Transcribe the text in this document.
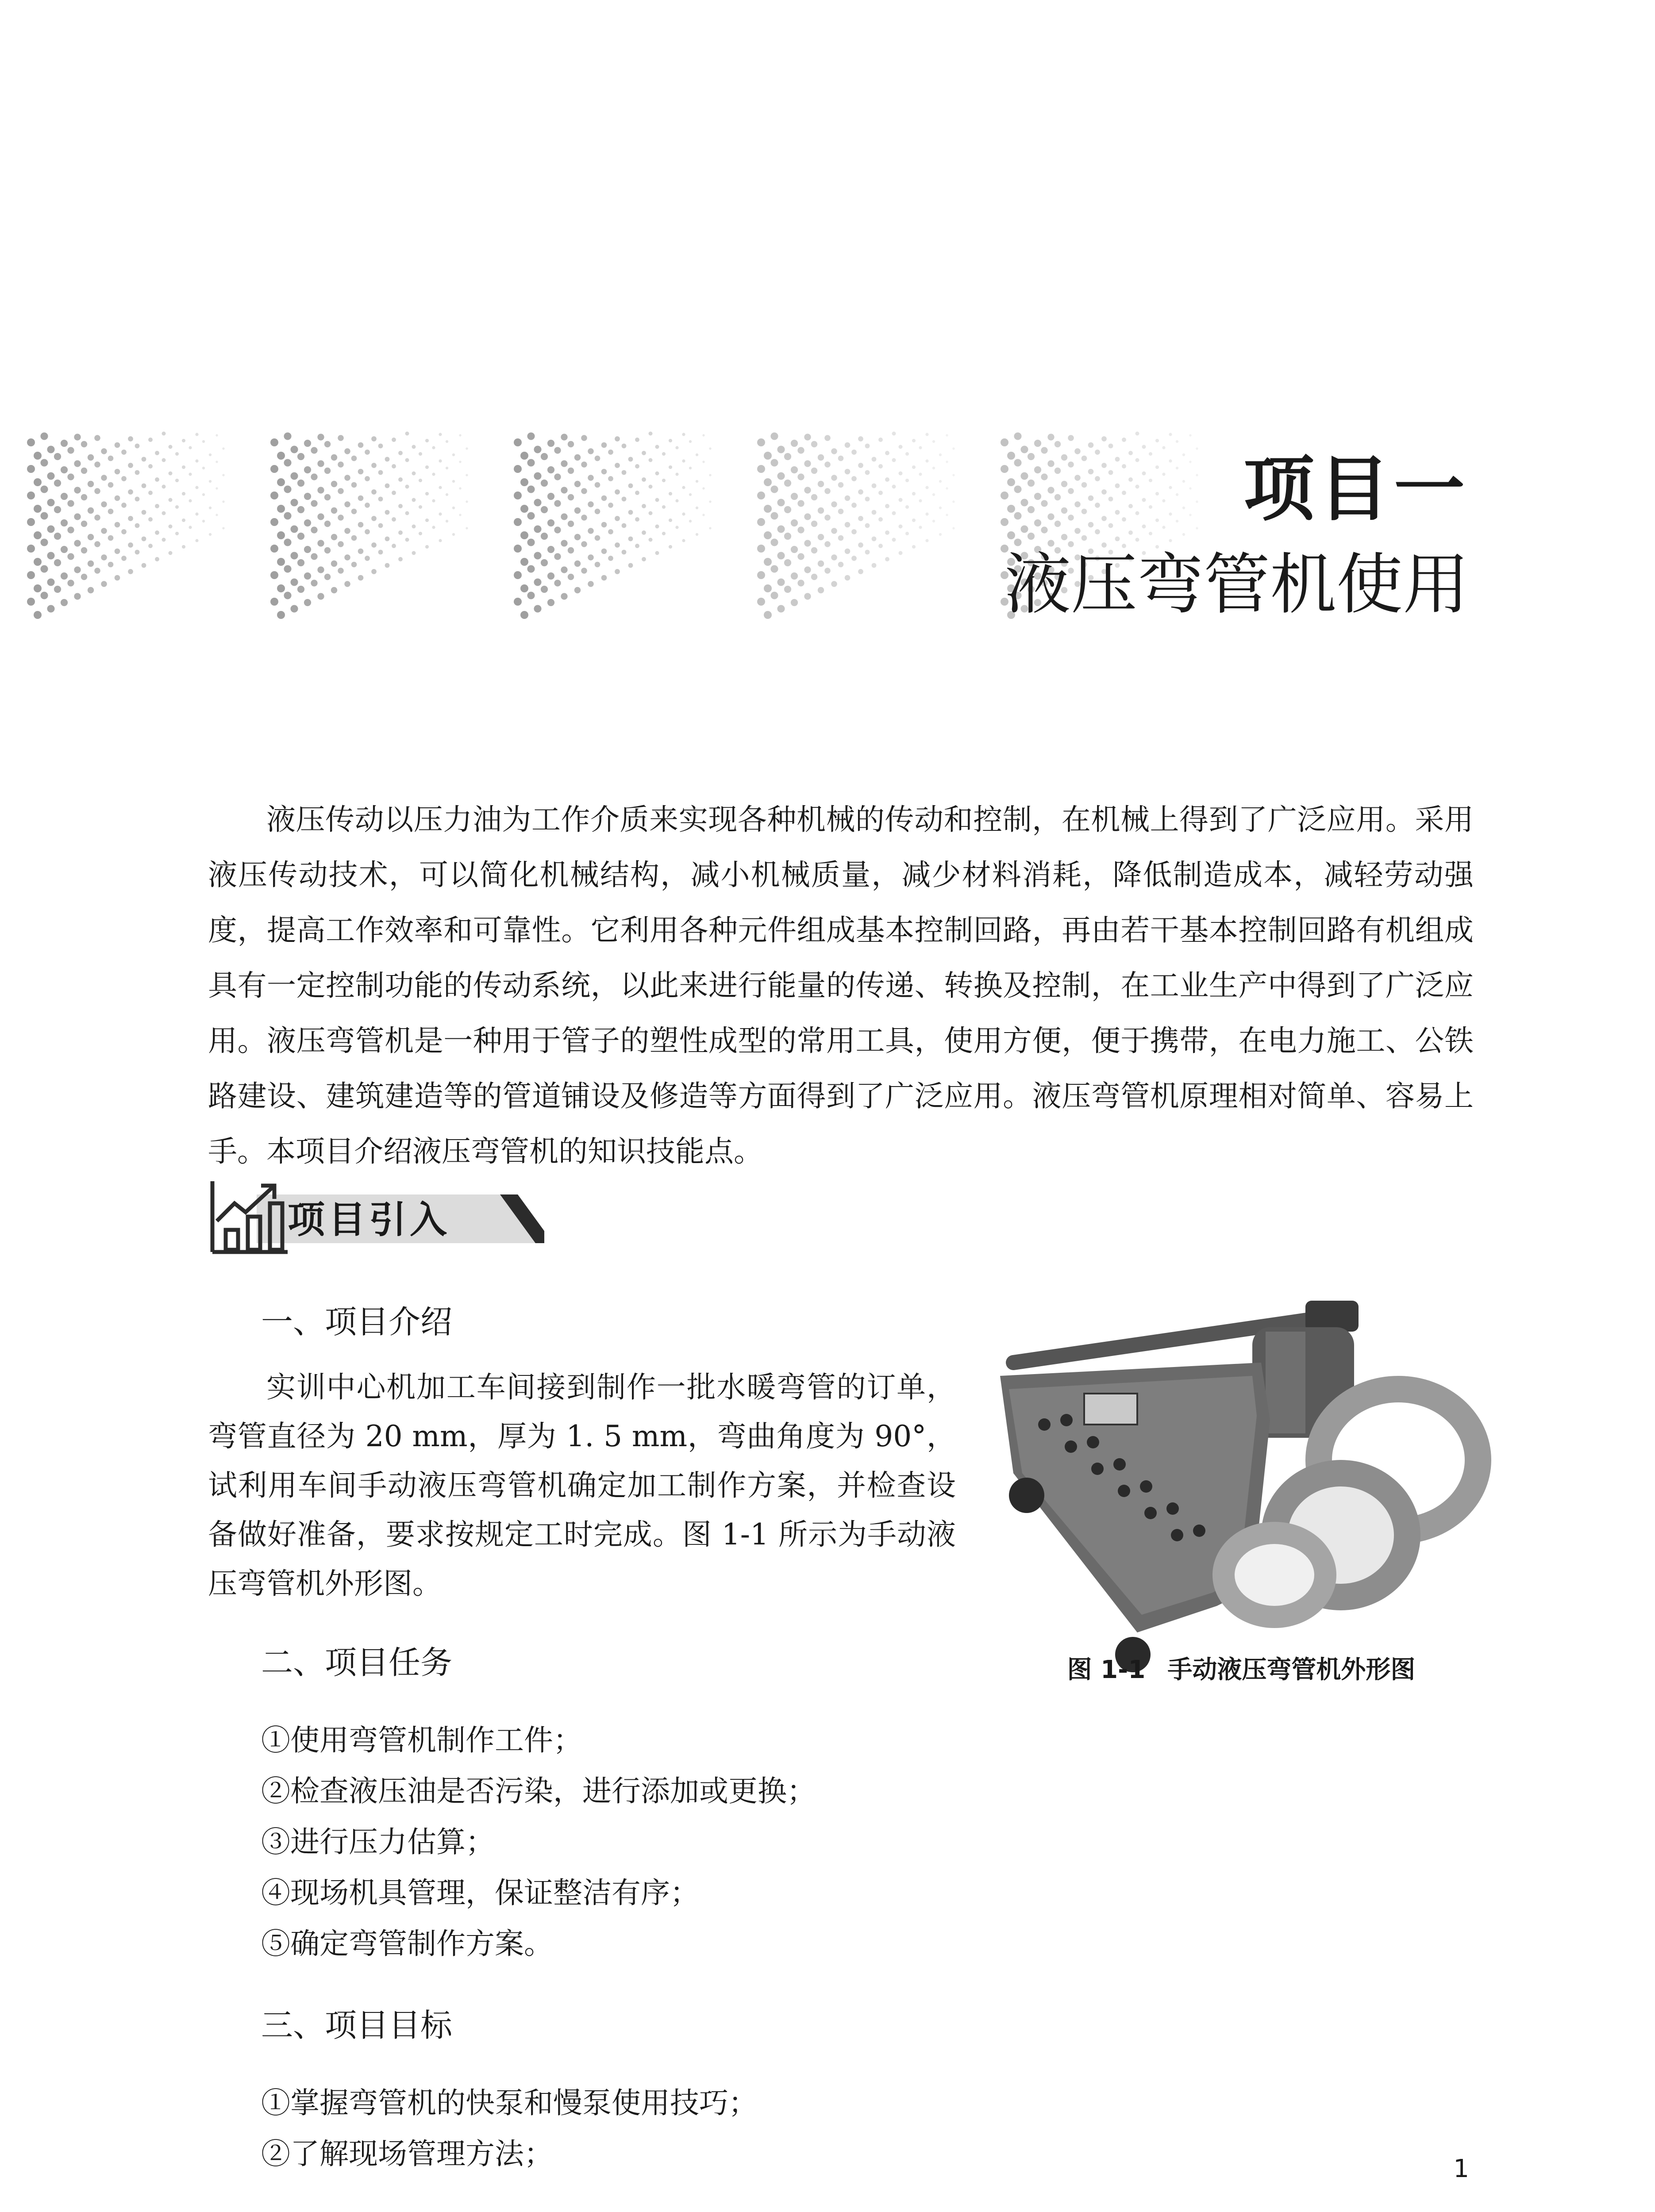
项目一
液压弯管机使用

液压传动以压力油为工作介质来实现各种机械的传动和控制，在机械上得到了广泛应用。采用液压传动技术，可以简化机械结构，减小机械质量，减少材料消耗，降低制造成本，减轻劳动强度，提高工作效率和可靠性。它利用各种元件组成基本控制回路，再由若干基本控制回路有机组成具有一定控制功能的传动系统，以此来进行能量的传递、转换及控制，在工业生产中得到了广泛应用。液压弯管机是一种用于管子的塑性成型的常用工具，使用方便，便于携带，在电力施工、公铁路建设、建筑建造等的管道铺设及修造等方面得到了广泛应用。液压弯管机原理相对简单、容易上手。本项目介绍液压弯管机的知识技能点。

项目引入
一、项目介绍

实训中心机加工车间接到制作一批水暖弯管的订单，弯管直径为 20 mm，厚为 1. 5 mm，弯曲角度为 90°，试利用车间手动液压弯管机确定加工制作方案，并检查设备做好准备，要求按规定工时完成。图 1-1 所示为手动液压弯管机外形图。

图 1-1 手动液压弯管机外形图
二、项目任务
①使用弯管机制作工件；
②检查液压油是否污染，进行添加或更换；
③进行压力估算；
④现场机具管理，保证整洁有序；
⑤确定弯管制作方案。
三、项目目标
①掌握弯管机的快泵和慢泵使用技巧；
②了解现场管理方法；	1
